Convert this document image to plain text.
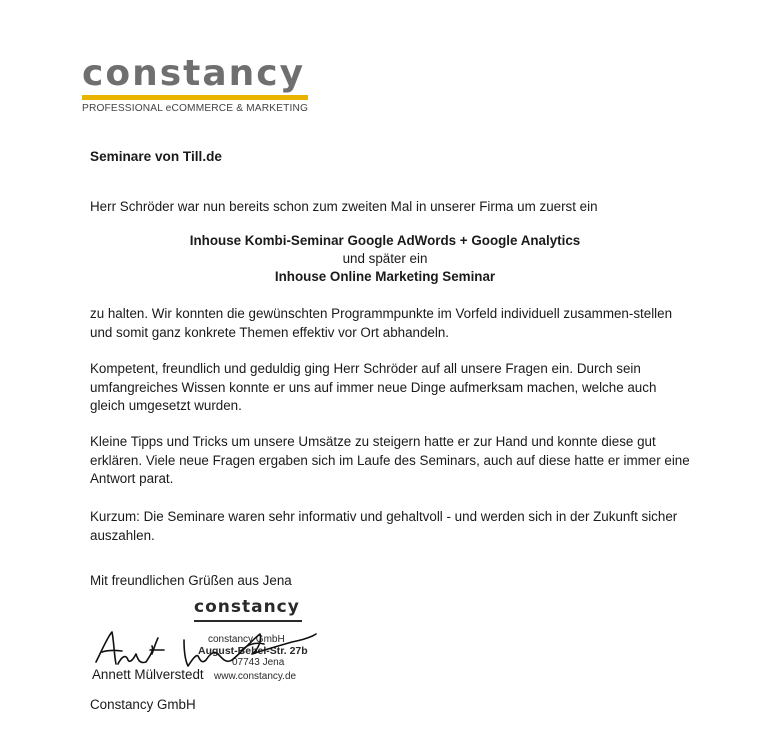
constancy
PROFESSIONAL eCOMMERCE & MARKETING
Seminare von Till.de
Herr Schröder war nun bereits schon zum zweiten Mal in unserer Firma um zuerst ein
Inhouse Kombi-Seminar Google AdWords + Google Analytics
und später ein
Inhouse Online Marketing Seminar
zu halten. Wir konnten die gewünschten Programmpunkte im Vorfeld individuell zusammen-stellen
und somit ganz konkrete Themen effektiv vor Ort abhandeln.
Kompetent, freundlich und geduldig ging Herr Schröder auf all unsere Fragen ein. Durch sein
umfangreiches Wissen konnte er uns auf immer neue Dinge aufmerksam machen, welche auch
gleich umgesetzt wurden.
Kleine Tipps und Tricks um unsere Umsätze zu steigern hatte er zur Hand und konnte diese gut
erklären. Viele neue Fragen ergaben sich im Laufe des Seminars, auch auf diese hatte er immer eine
Antwort parat.
Kurzum: Die Seminare waren sehr informativ und gehaltvoll - und werden sich in der Zukunft sicher
auszahlen.
Mit freundlichen Grüßen aus Jena
constancy
constancy GmbH
August-Bebel-Str. 27b
07743 Jena
www.constancy.de
Annett Mülverstedt
Constancy GmbH
